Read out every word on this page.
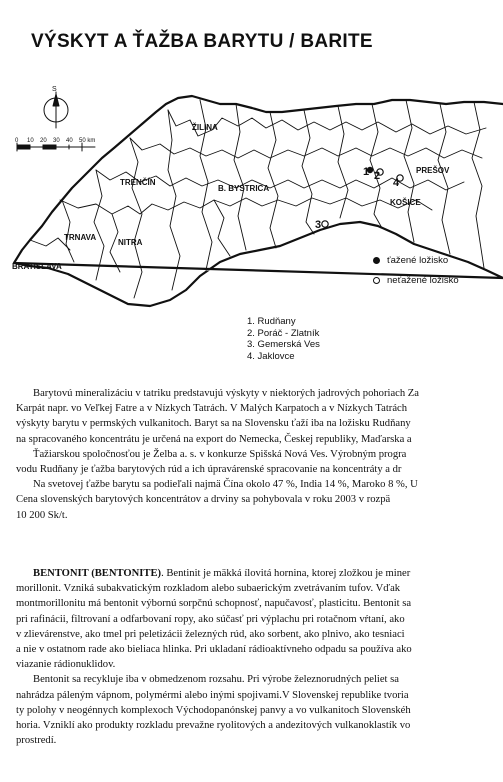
VÝSKYT A ŤAŽBA BARYTU / BARITE
0 10 20 30 40 50 km
S
ŽILINA
TRENČÍN
B. BYSTRICA
PREŠOV
KOŠICE
TRNAVA
NITRA
BRATISLAVA
1 2
3
4
ťažené ložisko
neťažené ložisko
1. Rudňany
2. Poráč - Zlatník
3. Gemerská Ves
4. Jaklovce

Barytovú mineralizáciu v tatriku predstavujú výskyty v niektorých jadrových pohoriach Za

Karpát napr. vo Veľkej Fatre a v Nízkych Tatrách. V Malých Karpatoch a v Nízkych Tatrách

výskyty barytu v permských vulkanitoch. Baryt sa na Slovensku ťaží iba na ložisku Rudňany

na spracovaného koncentrátu je určená na export do Nemecka, Českej republiky, Maďarska a

Ťažiarskou spoločnosťou je Želba a. s. v konkurze Spišská Nová Ves. Výrobným progra

vodu Rudňany je ťažba barytových rúd a ich úpravárenské spracovanie na koncentráty a dr

Na svetovej ťažbe barytu sa podieľali najmä Čína okolo 47 %, India 14 %, Maroko 8 %, U

Cena slovenských barytových koncentrátov a drviny sa pohybovala v roku 2003 v rozpä

10 200 Sk/t.

BENTONIT (BENTONITE). Bentinit je mäkká ílovitá hornina, ktorej zložkou je miner

morillonit. Vzniká subakvatickým rozkladom alebo subaerickým zvetrávaním tufov. Vďak

montmorillonitu má bentonit výbornú sorpčnú schopnosť, napučavosť, plasticitu. Bentonit sa

pri rafinácii, filtrovaní a odfarbovaní ropy, ako súčasť pri výplachu pri rotačnom vŕtaní, ako

v zlievárenstve, ako tmel pri peletizácii železných rúd, ako sorbent, ako plnivo, ako tesniaci

a nie v ostatnom rade ako bieliaca hlinka. Pri ukladaní rádioaktívneho odpadu sa používa ako

viazanie rádionuklidov.

Bentonit sa recykluje iba v obmedzenom rozsahu. Pri výrobe železnorudných peliet sa

nahrádza páleným vápnom, polymérmi alebo inými spojivami.V Slovenskej republike tvoria

ty polohy v neogénnych komplexoch Východopanónskej panvy a vo vulkanitoch Slovenskéh

horia. Vzniklí ako produkty rozkladu prevažne ryolitových a andezitových vulkanoklastík vo

prostredí.
